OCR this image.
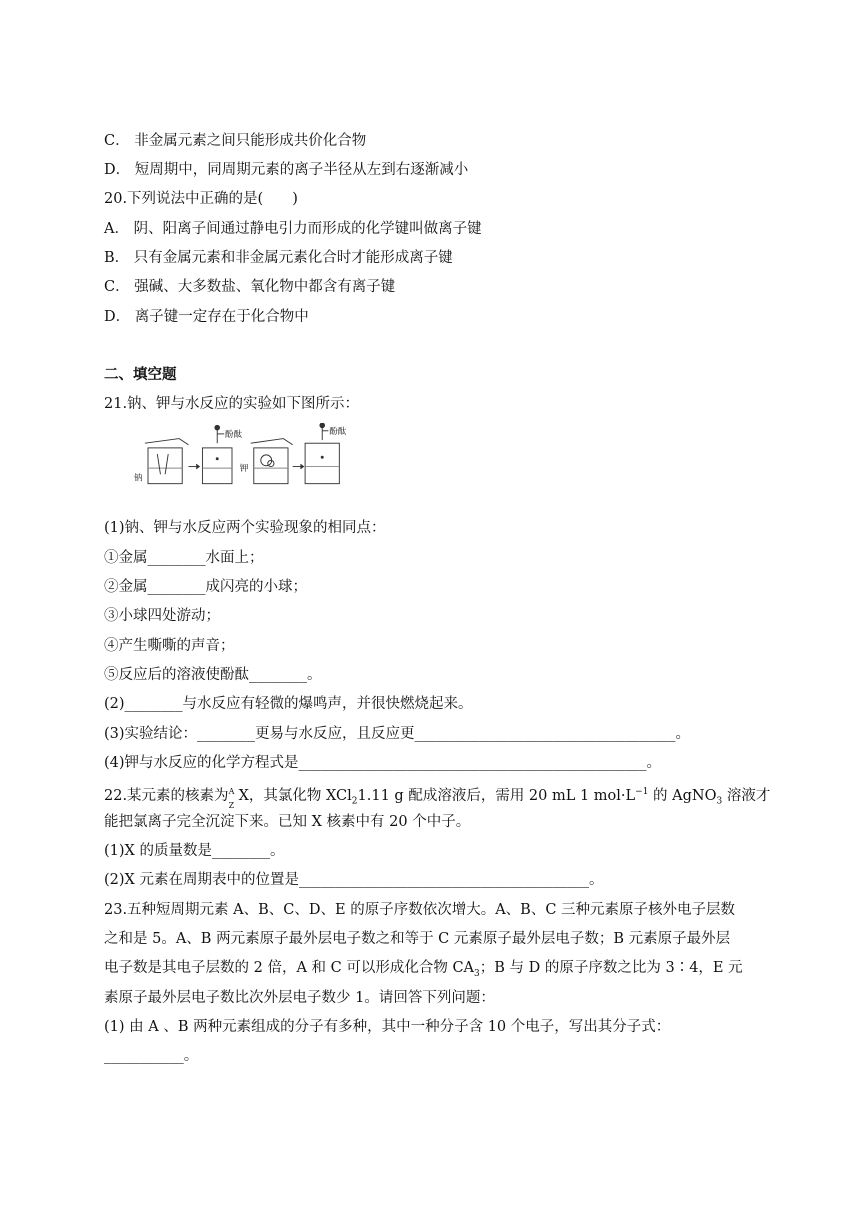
C． 非金属元素之间只能形成共价化合物
D． 短周期中，同周期元素的离子半径从左到右逐渐减小
20.下列说法中正确的是(　　)
A． 阴、阳离子间通过静电引力而形成的化学键叫做离子键
B． 只有金属元素和非金属元素化合时才能形成离子键
C． 强碱、大多数盐、氧化物中都含有离子键
D． 离子键一定存在于化合物中
二、填空题
21.钠、钾与水反应的实验如下图所示：
钠
酚酞
钾
酚酞
(1)钠、钾与水反应两个实验现象的相同点：
①金属________水面上；
②金属________成闪亮的小球；
③小球四处游动；
④产生嘶嘶的声音；
⑤反应后的溶液使酚酞________。
(2)________与水反应有轻微的爆鸣声，并很快燃烧起来。
(3)实验结论：________更易与水反应，且反应更____________________________________。
(4)钾与水反应的化学方程式是________________________________________________。
22.某元素的核素为 A
Z
X，其氯化物 XCl$_2$1.11 g 配成溶液后，需用 20 mL 1 $mol\cdot L^{-1}$ 的 AgNO$_3$ 溶液才
能把氯离子完全沉淀下来。已知 X 核素中有 20 个中子。
(1)X 的质量数是________。
(2)X 元素在周期表中的位置是________________________________________。
23.五种短周期元素 A、B、C、D、E 的原子序数依次增大。A、B、C 三种元素原子核外电子层数
之和是 5。A、B 两元素原子最外层电子数之和等于 C 元素原子最外层电子数；B 元素原子最外层
电子数是其电子层数的 2 倍，A 和 C 可以形成化合物 $CA_3$；B 与 D 的原子序数之比为 3∶4，E 元
素原子最外层电子数比次外层电子数少 1。请回答下列问题：
(1) 由 A 、B 两种元素组成的分子有多种，其中一种分子含 10 个电子，写出其分子式：
___________。
